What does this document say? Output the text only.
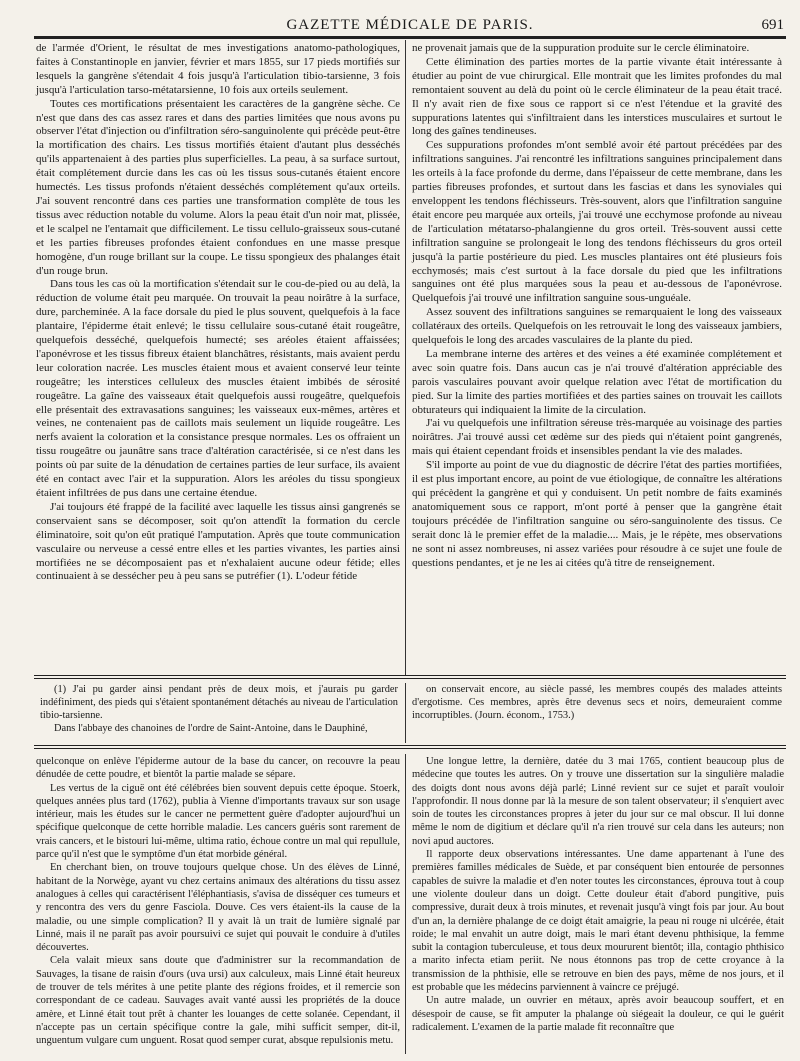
GAZETTE MÉDICALE DE PARIS.	691

de l'armée d'Orient, le résultat de mes investigations anatomo-pathologiques, faites à Constantinople en janvier, février et mars 1855, sur 17 pieds mortifiés sur lesquels la gangrène s'étendait 4 fois jusqu'à l'articulation tibio-tarsienne, 3 fois jusqu'à l'articulation tarso-métatarsienne, 10 fois aux orteils seulement.

Toutes ces mortifications présentaient les caractères de la gangrène sèche. Ce n'est que dans des cas assez rares et dans des parties limitées que nous avons pu observer l'état d'injection ou d'infiltration séro-sanguinolente qui précède peut-être la mortification des chairs. Les tissus mortifiés étaient d'autant plus desséchés qu'ils appartenaient à des parties plus superficielles. La peau, à sa surface surtout, était complétement durcie dans les cas où les tissus sous-cutanés étaient encore humectés. Les tissus profonds n'étaient desséchés complétement qu'aux orteils. J'ai souvent rencontré dans ces parties une transformation complète de tous les tissus avec réduction notable du volume. Alors la peau était d'un noir mat, plissée, et le scalpel ne l'entamait que difficilement. Le tissu cellulo-graisseux sous-cutané et les parties fibreuses profondes étaient confondues en une masse presque homogène, d'un rouge brillant sur la coupe. Le tissu spongieux des phalanges était d'un rouge brun.

Dans tous les cas où la mortification s'étendait sur le cou-de-pied ou au delà, la réduction de volume était peu marquée. On trouvait la peau noirâtre à la surface, dure, parcheminée. A la face dorsale du pied le plus souvent, quelquefois à la face plantaire, l'épiderme était enlevé; le tissu cellulaire sous-cutané était rougeâtre, quelquefois desséché, quelquefois humecté; ses aréoles étaient affaissées; l'aponévrose et les tissus fibreux étaient blanchâtres, résistants, mais avaient perdu leur coloration nacrée. Les muscles étaient mous et avaient conservé leur teinte rougeâtre; les interstices celluleux des muscles étaient imbibés de sérosité rougeâtre. La gaîne des vaisseaux était quelquefois aussi rougeâtre, quelquefois elle présentait des extravasations sanguines; les vaisseaux eux-mêmes, artères et veines, ne contenaient pas de caillots mais seulement un liquide rougeâtre. Les nerfs avaient la coloration et la consistance presque normales. Les os offraient un tissu rougeâtre ou jaunâtre sans trace d'altération caractérisée, si ce n'est dans les points où par suite de la dénudation de certaines parties de leur surface, ils avaient été en contact avec l'air et la suppuration. Alors les aréoles du tissu spongieux étaient infiltrées de pus dans une certaine étendue.

J'ai toujours été frappé de la facilité avec laquelle les tissus ainsi gangrenés se conservaient sans se décomposer, soit qu'on attendît la formation du cercle éliminatoire, soit qu'on eût pratiqué l'amputation. Après que toute communication vasculaire ou nerveuse a cessé entre elles et les parties vivantes, les parties ainsi mortifiées ne se décomposaient pas et n'exhalaient aucune odeur fétide; elles continuaient à se dessécher peu à peu sans se putréfier (1). L'odeur fétide

ne provenait jamais que de la suppuration produite sur le cercle éliminatoire.

Cette élimination des parties mortes de la partie vivante était intéressante à étudier au point de vue chirurgical. Elle montrait que les limites profondes du mal remontaient souvent au delà du point où le cercle éliminateur de la peau était tracé. Il n'y avait rien de fixe sous ce rapport si ce n'est l'étendue et la gravité des suppurations latentes qui s'infiltraient dans les interstices musculaires et surtout le long des gaînes tendineuses.

Ces suppurations profondes m'ont semblé avoir été partout précédées par des infiltrations sanguines. J'ai rencontré les infiltrations sanguines principalement dans les orteils à la face profonde du derme, dans l'épaisseur de cette membrane, dans les parties fibreuses profondes, et surtout dans les fascias et dans les synoviales qui enveloppent les tendons fléchisseurs. Très-souvent, alors que l'infiltration sanguine était encore peu marquée aux orteils, j'ai trouvé une ecchymose profonde au niveau de l'articulation métatarso-phalangienne du gros orteil. Très-souvent aussi cette infiltration sanguine se prolongeait le long des tendons fléchisseurs du gros orteil jusqu'à la partie postérieure du pied. Les muscles plantaires ont été plusieurs fois ecchymosés; mais c'est surtout à la face dorsale du pied que les infiltrations sanguines ont été plus marquées sous la peau et au-dessous de l'aponévrose. Quelquefois j'ai trouvé une infiltration sanguine sous-unguéale.

Assez souvent des infiltrations sanguines se remarquaient le long des vaisseaux collatéraux des orteils. Quelquefois on les retrouvait le long des vaisseaux jambiers, quelquefois le long des arcades vasculaires de la plante du pied.

La membrane interne des artères et des veines a été examinée complétement et avec soin quatre fois. Dans aucun cas je n'ai trouvé d'altération appréciable des parois vasculaires pouvant avoir quelque relation avec l'état de mortification du pied. Sur la limite des parties mortifiées et des parties saines on trouvait les caillots obturateurs qui indiquaient la limite de la circulation.

J'ai vu quelquefois une infiltration séreuse très-marquée au voisinage des parties noirâtres. J'ai trouvé aussi cet œdème sur des pieds qui n'étaient point gangrenés, mais qui étaient cependant froids et insensibles pendant la vie des malades.

S'il importe au point de vue du diagnostic de décrire l'état des parties mortifiées, il est plus important encore, au point de vue étiologique, de connaître les altérations qui précèdent la gangrène et qui y conduisent. Un petit nombre de faits examinés anatomiquement sous ce rapport, m'ont porté à penser que la gangrène était toujours précédée de l'infiltration sanguine ou séro-sanguinolente des tissus. Ce serait donc là le premier effet de la maladie.... Mais, je le répète, mes observations ne sont ni assez nombreuses, ni assez variées pour résoudre à ce sujet une foule de questions pendantes, et je ne les ai citées qu'à titre de renseignement.

(1) J'ai pu garder ainsi pendant près de deux mois, et j'aurais pu garder indéfiniment, des pieds qui s'étaient spontanément détachés au niveau de l'articulation tibio-tarsienne.

Dans l'abbaye des chanoines de l'ordre de Saint-Antoine, dans le Dauphiné,

on conservait encore, au siècle passé, les membres coupés des malades atteints d'ergotisme. Ces membres, après être devenus secs et noirs, demeuraient comme incorruptibles. (Journ. économ., 1753.)

quelconque on enlève l'épiderme autour de la base du cancer, on recouvre la peau dénudée de cette poudre, et bientôt la partie malade se sépare.

Les vertus de la ciguë ont été célébrées bien souvent depuis cette époque. Stoerk, quelques années plus tard (1762), publia à Vienne d'importants travaux sur son usage intérieur, mais les études sur le cancer ne permettent guère d'adopter aujourd'hui un spécifique quelconque de cette horrible maladie. Les cancers guéris sont rarement de vrais cancers, et le bistouri lui-même, ultima ratio, échoue contre un mal qui repullule, parce qu'il n'est que le symptôme d'un état morbide général.

En cherchant bien, on trouve toujours quelque chose. Un des élèves de Linné, habitant de la Norwège, ayant vu chez certains animaux des altérations du tissu assez analogues à celles qui caractérisent l'éléphantiasis, s'avisa de disséquer ces tumeurs et y rencontra des vers du genre Fasciola. Douve. Ces vers étaient-ils la cause de la maladie, ou une simple complication? Il y avait là un trait de lumière signalé par Linné, mais il ne paraît pas avoir poursuivi ce sujet qui pouvait le conduire à d'utiles découvertes.

Cela valait mieux sans doute que d'administrer sur la recommandation de Sauvages, la tisane de raisin d'ours (uva ursi) aux calculeux, mais Linné était heureux de trouver de tels mérites à une petite plante des régions froides, et il remercie son correspondant de ce cadeau. Sauvages avait vanté aussi les propriétés de la douce amère, et Linné était tout prêt à chanter les louanges de cette solanée. Cependant, il n'accepte pas un certain spécifique contre la gale, mihi sufficit semper, dit-il, unguentum vulgare cum unguent. Rosat quod semper curat, absque repulsionis metu.

Une longue lettre, la dernière, datée du 3 mai 1765, contient beaucoup plus de médecine que toutes les autres. On y trouve une dissertation sur la singulière maladie des doigts dont nous avons déjà parlé; Linné revient sur ce sujet et paraît vouloir l'approfondir. Il nous donne par là la mesure de son talent observateur; il s'enquiert avec soin de toutes les circonstances propres à jeter du jour sur ce mal obscur. Il lui donne même le nom de digitium et déclare qu'il n'a rien trouvé sur cela dans les auteurs; non novi apud auctores.

Il rapporte deux observations intéressantes. Une dame appartenant à l'une des premières familles médicales de Suède, et par conséquent bien entourée de personnes capables de suivre la maladie et d'en noter toutes les circonstances, éprouva tout à coup une violente douleur dans un doigt. Cette douleur était d'abord pungitive, puis compressive, durait deux à trois minutes, et revenait jusqu'à vingt fois par jour. Au bout d'un an, la dernière phalange de ce doigt était amaigrie, la peau ni rouge ni ulcérée, était roide; le mal envahit un autre doigt, mais le mari étant devenu phthisique, la femme subit la contagion tuberculeuse, et tous deux moururent bientôt; illa, contagio phthisico a marito infecta etiam periit. Ne nous étonnons pas trop de cette croyance à la transmission de la phthisie, elle se retrouve en bien des pays, même de nos jours, et il est probable que les médecins parviennent à vaincre ce préjugé.

Un autre malade, un ouvrier en métaux, après avoir beaucoup souffert, et en désespoir de cause, se fit amputer la phalange où siégeait la douleur, ce qui le guérit radicalement. L'examen de la partie malade fit reconnaître que
